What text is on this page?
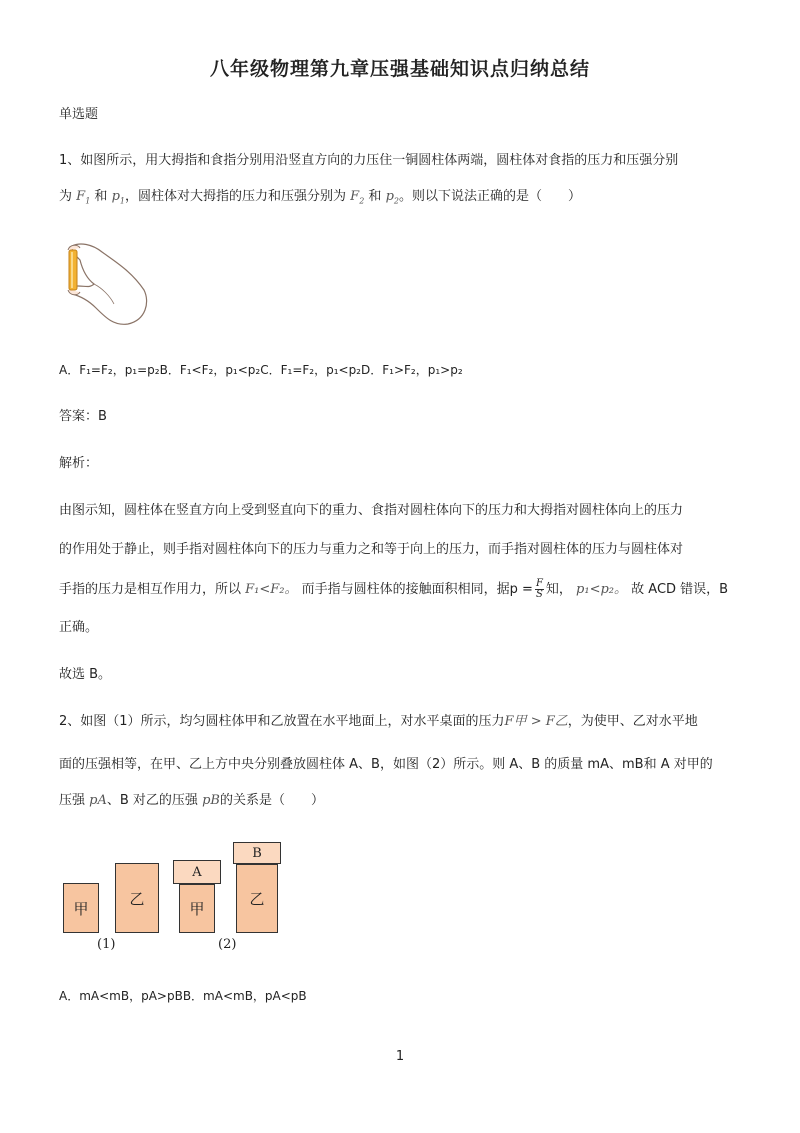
八年级物理第九章压强基础知识点归纳总结
单选题
1、如图所示，用大拇指和食指分别用沿竖直方向的力压住一铜圆柱体两端，圆柱体对食指的压力和压强分别
为 $F_1$ 和 $p_1$，圆柱体对大拇指的压力和压强分别为 $F_2$ 和 $p_2$。则以下说法正确的是（　　）
A．F₁=F₂，p₁=p₂B．F₁<F₂，p₁<p₂C．F₁=F₂，p₁<p₂D．F₁>F₂，p₁>p₂
答案：B
解析：
由图示知，圆柱体在竖直方向上受到竖直向下的重力、食指对圆柱体向下的压力和大拇指对圆柱体向上的压力
的作用处于静止，则手指对圆柱体向下的压力与重力之和等于向上的压力，而手指对圆柱体的压力与圆柱体对
手指的压力是相互作用力，所以 F₁<F₂。 而手指与圆柱体的接触面积相同，据$p = \frac{F}{S}$ 知， p₁<p₂。 故 ACD 错误，B
正确。
故选 B。
2、如图（1）所示，均匀圆柱体甲和乙放置在水平地面上，对水平桌面的压力F甲 > F乙，为使甲、乙对水平地
面的压强相等，在甲、乙上方中央分别叠放圆柱体 A、B，如图（2）所示。则 A、B 的质量 mA、mB和 A 对甲的
压强 pA、B 对乙的压强 pB的关系是（　　）
甲
乙
A
甲
B
乙
(1)	(2)
A．mA<mB，pA>pBB．mA<mB，pA<pB
1
